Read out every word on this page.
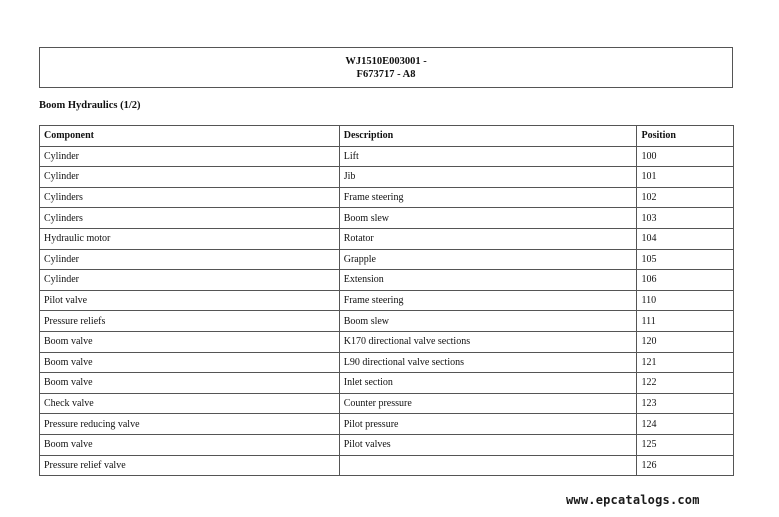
WJ1510E003001 -
F673717 - A8
Boom Hydraulics (1/2)
Component	Description	Position
Cylinder	Lift	100
Cylinder	Jib	101
Cylinders	Frame steering	102
Cylinders	Boom slew	103
Hydraulic motor	Rotator	104
Cylinder	Grapple	105
Cylinder	Extension	106
Pilot valve	Frame steering	110
Pressure reliefs	Boom slew	111
Boom valve	K170 directional valve sections	120
Boom valve	L90 directional valve sections	121
Boom valve	Inlet section	122
Check valve	Counter pressure	123
Pressure reducing valve	Pilot pressure	124
Boom valve	Pilot valves	125
Pressure relief valve		126
www.epcatalogs.com
